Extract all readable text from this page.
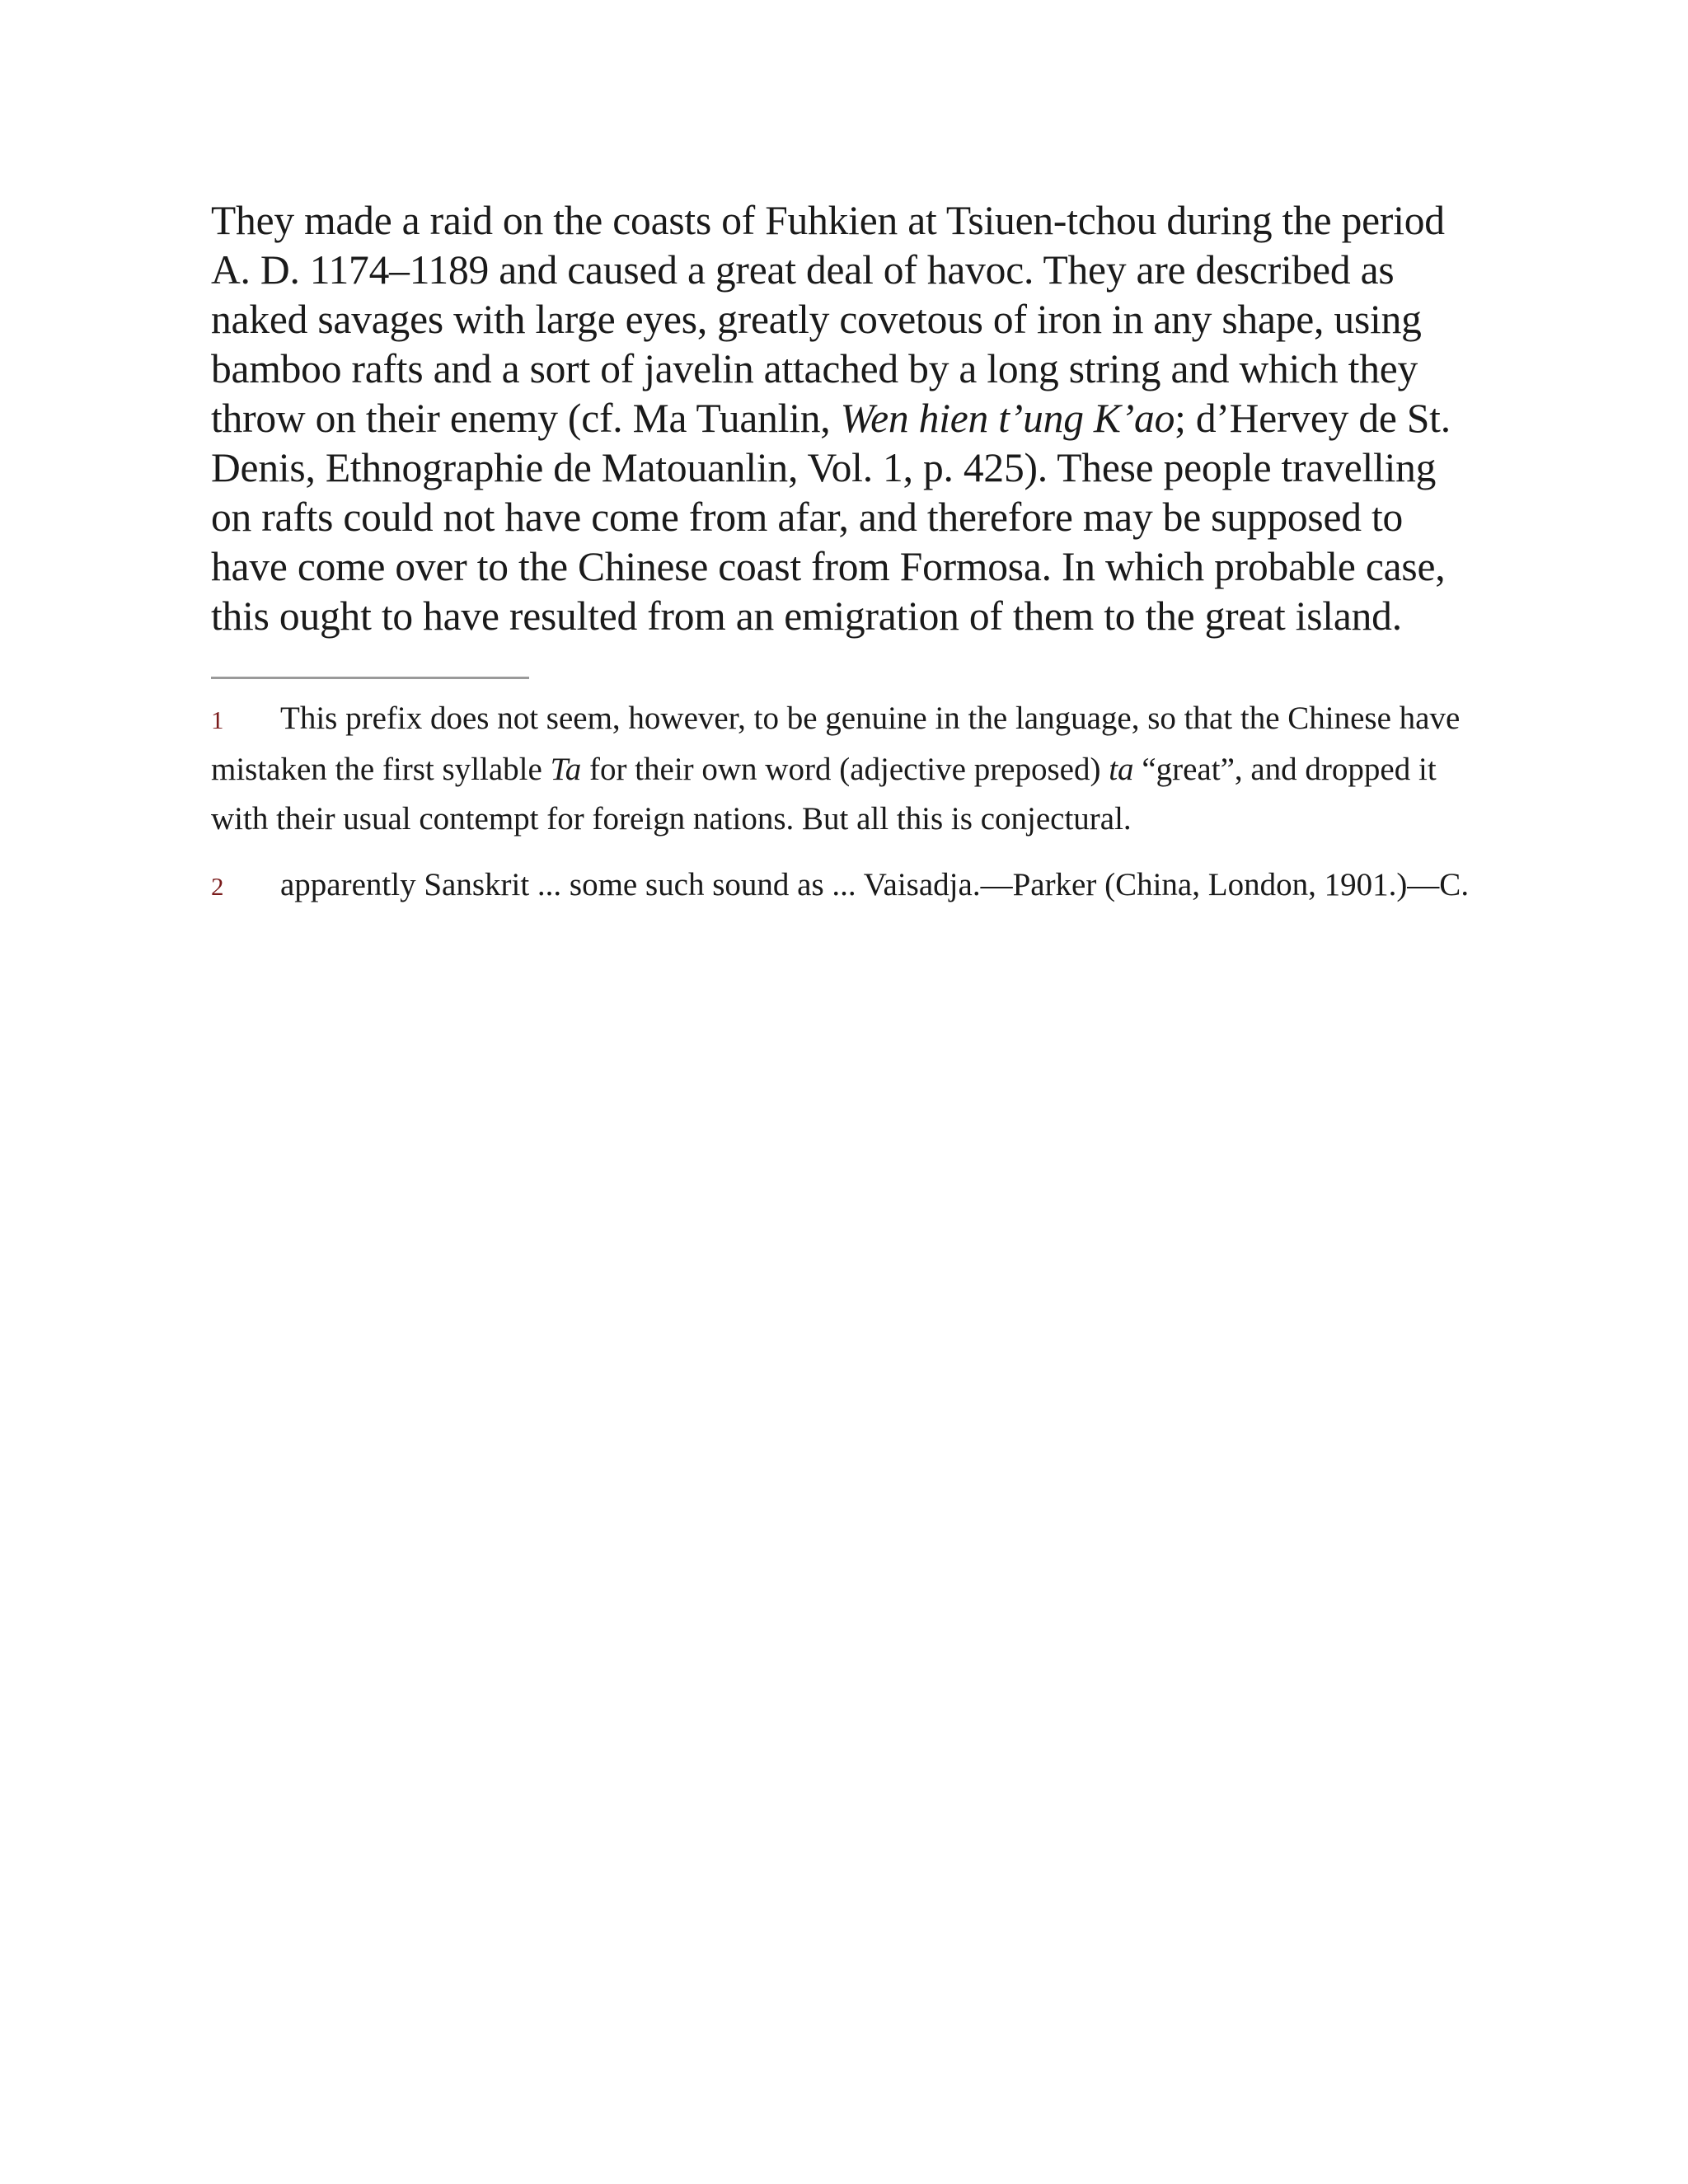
They made a raid on the coasts of Fuhkien at Tsiuen-tchou during the period A. D. 1174–1189 and caused a great deal of havoc. They are described as naked savages with large eyes, greatly covetous of iron in any shape, using bamboo rafts and a sort of javelin attached by a long string and which they throw on their enemy (cf. Ma Tuanlin, Wen hien t’ung K’ao; d’Hervey de St. Denis, Ethnographie de Matouanlin, Vol. 1, p. 425). These people travelling on rafts could not have come from afar, and therefore may be supposed to have come over to the Chinese coast from Formosa. In which probable case, this ought to have resulted from an emigration of them to the great island.

1 This prefix does not seem, however, to be genuine in the language, so that the Chinese have mistaken the first syllable Ta for their own word (adjective preposed) ta “great”, and dropped it with their usual contempt for foreign nations. But all this is conjectural.

2 apparently Sanskrit ... some such sound as ... Vaisadja.—Parker (China, London, 1901.)—C.
